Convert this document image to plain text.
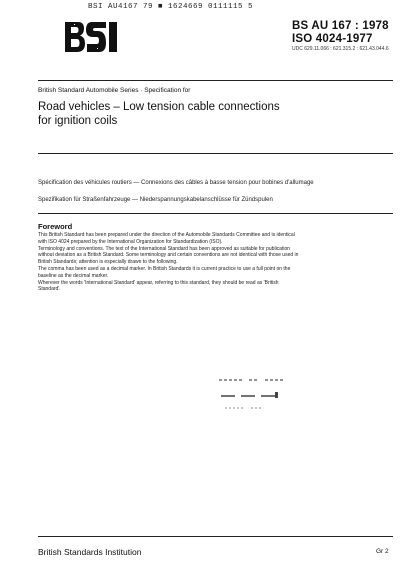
BSI AU4167 79 ■ 1624669 0111115 5
BS AU 167 : 1978
ISO 4024-1977
UDC 629.11.066 : 621.315.2 : 621.43.044.6
British Standard Automobile Series · Specification for
Road vehicles – Low tension cable connections
for ignition coils
Spécification des véhicules routiers — Connexions des câbles à basse tension pour bobines d'allumage
Spezifikation für Straßenfahrzeuge — Niederspannungskabelanschlüsse für Zündspulen
Foreword

This British Standard has been prepared under the direction of the Automobile Standards Committee and is identical

with ISO 4024 prepared by the International Organization for Standardization (ISO).

Terminology and conventions. The text of the International Standard has been approved as suitable for publication

without deviation as a British Standard. Some terminology and certain conventions are not identical with those used in

British Standards; attention is especially drawn to the following.

The comma has been used as a decimal marker. In British Standards it is current practice to use a full point on the

baseline as the decimal marker.

Wherever the words 'International Standard' appear, referring to this standard, they should be read as 'British

Standard'.

British Standards Institution	Gr 2
